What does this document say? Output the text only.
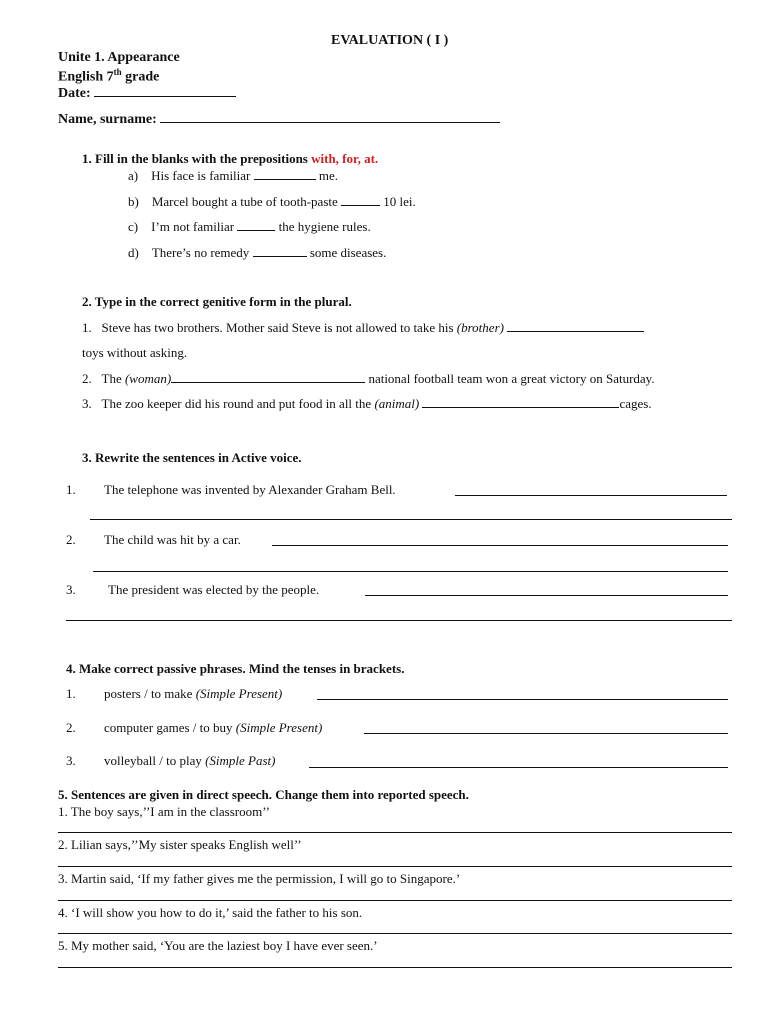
EVALUATION ( I )
Unite 1. Appearance
English 7th grade
Date:
Name, surname:
1. Fill in the blanks with the prepositions with, for, at.
a) His face is familiar	me.
b) Marcel bought a tube of tooth-paste	10 lei.
c) I’m not familiar	the hygiene rules.
d) There’s no remedy	some diseases.
2. Type in the correct genitive form in the plural.
1. Steve has two brothers. Mother said Steve is not allowed to take his (brother)
toys without asking.
2. The (woman)	national football team won a great victory on Saturday.
3. The zoo keeper did his round and put food in all the (animal)	cages.
3. Rewrite the sentences in Active voice.
1. The telephone was invented by Alexander Graham Bell.
2. The child was hit by a car.
3. The president was elected by the people.
4. Make correct passive phrases. Mind the tenses in brackets.
1. posters / to make (Simple Present)
2. computer games / to buy (Simple Present)
3. volleyball / to play (Simple Past)
5. Sentences are given in direct speech. Change them into reported speech.
1. The boy says,’’I am in the classroom’’
2. Lilian says,’’My sister speaks English well’’
3. Martin said, ‘If my father gives me the permission, I will go to Singapore.’
4. ‘I will show you how to do it,’ said the father to his son.
5. My mother said, ‘You are the laziest boy I have ever seen.’
